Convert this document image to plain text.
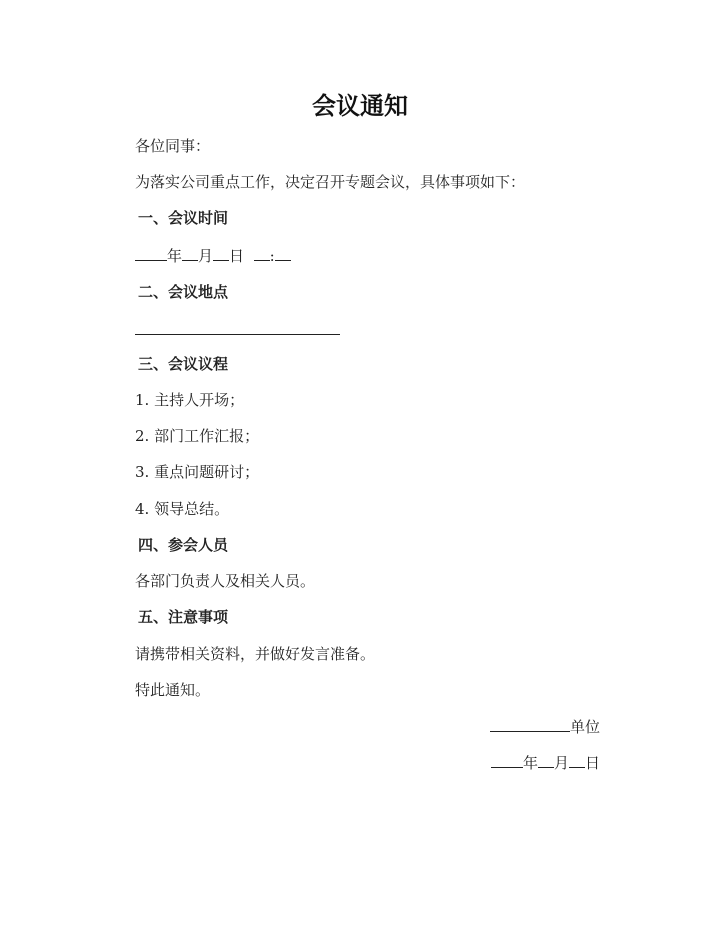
会议通知
各位同事：
为落实公司重点工作，决定召开专题会议，具体事项如下：
一、会议时间
年 月 日 :
二、会议地点
三、会议议程
1. 主持人开场；
2. 部门工作汇报；
3. 重点问题研讨；
4. 领导总结。
四、参会人员
各部门负责人及相关人员。
五、注意事项
请携带相关资料，并做好发言准备。
特此通知。
单位
年 月 日
